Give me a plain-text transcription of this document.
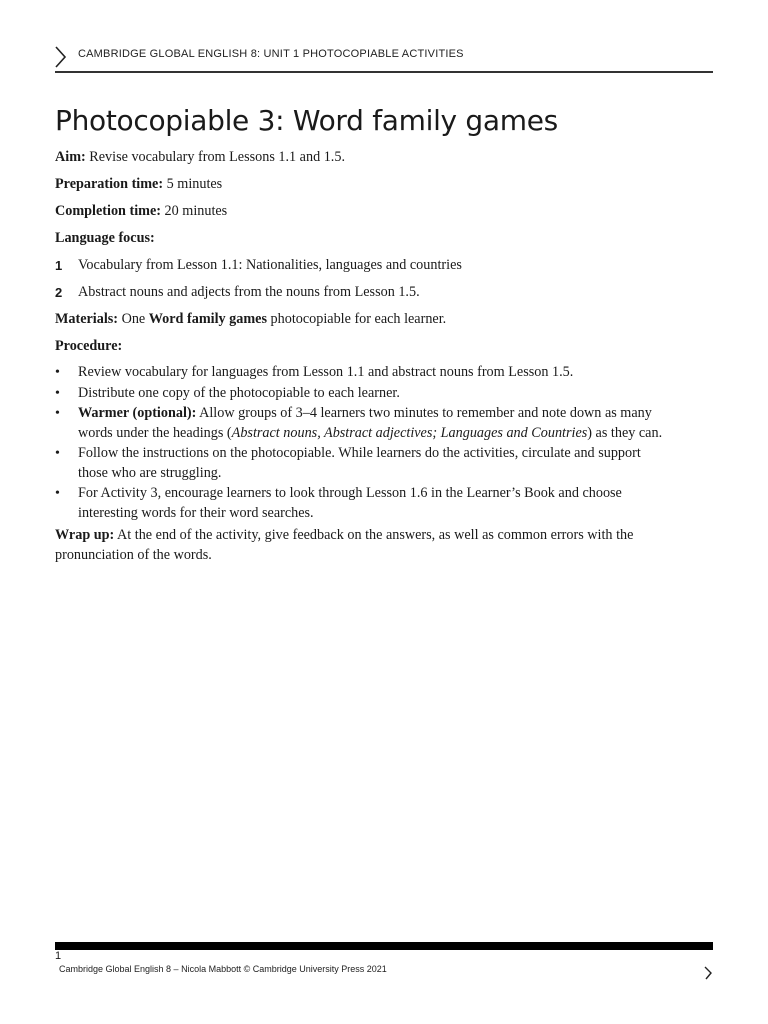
CAMBRIDGE GLOBAL ENGLISH 8: UNIT 1 PHOTOCOPIABLE ACTIVITIES
Photocopiable 3: Word family games

Aim: Revise vocabulary from Lessons 1.1 and 1.5.

Preparation time: 5 minutes

Completion time: 20 minutes

Language focus:

1 Vocabulary from Lesson 1.1: Nationalities, languages and countries
2 Abstract nouns and adjects from the nouns from Lesson 1.5.

Materials: One Word family games photocopiable for each learner.

Procedure:

• Review vocabulary for languages from Lesson 1.1 and abstract nouns from Lesson 1.5.
• Distribute one copy of the photocopiable to each learner.
• Warmer (optional): Allow groups of 3–4 learners two minutes to remember and note down as many words under the headings (Abstract nouns, Abstract adjectives; Languages and Countries) as they can.
• Follow the instructions on the photocopiable. While learners do the activities, circulate and support those who are struggling.
• For Activity 3, encourage learners to look through Lesson 1.6 in the Learner’s Book and choose interesting words for their word searches.

Wrap up: At the end of the activity, give feedback on the answers, as well as common errors with the pronunciation of the words.

1
Cambridge Global English 8 – Nicola Mabbott © Cambridge University Press 2021
